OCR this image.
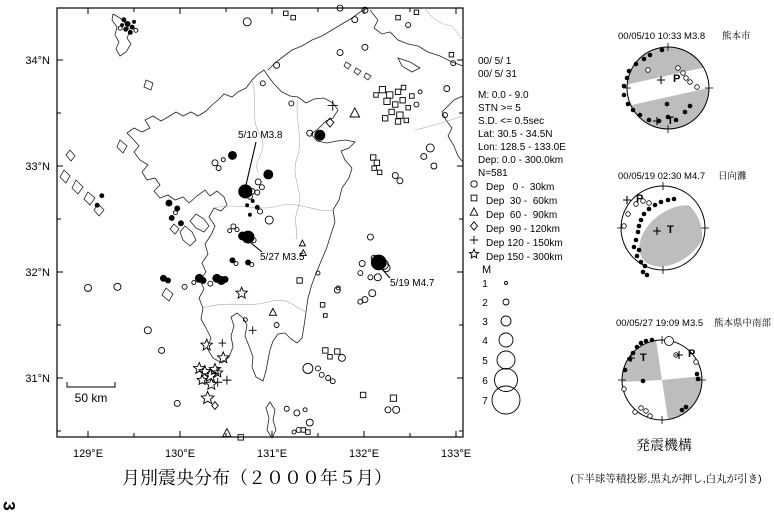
5/10 M3.8
5/27 M3.5
5/19 M4.7
50 km
34°N
33°N
32°N
31°N
129°E	130°E	131°E	132°E	133°E
月別震央分布（２０００年５月）
00/ 5/ 1
00/ 5/ 31
M: 0.0 - 9.0
STN >= 5
S.D. <= 0.5sec
Lat: 30.5 - 34.5N
Lon: 128.5 - 133.0E
Dep: 0.0 - 300.0km
N=581
Dep   0 -  30km
Dep  30 -  60km
Dep  60 -  90km
Dep  90 - 120km
Dep 120 - 150km
Dep 150 - 300km
M
1
2
3
4
5
6
7
00/05/10 10:33 M3.8 熊本市
00/05/19 02:30 M4.7 日向灘
00/05/27 19:09 M3.5 熊本県中南部
P
T
P
T
T	P
発震機構
(下半球等積投影,黒丸が押し,白丸が引き)
3
